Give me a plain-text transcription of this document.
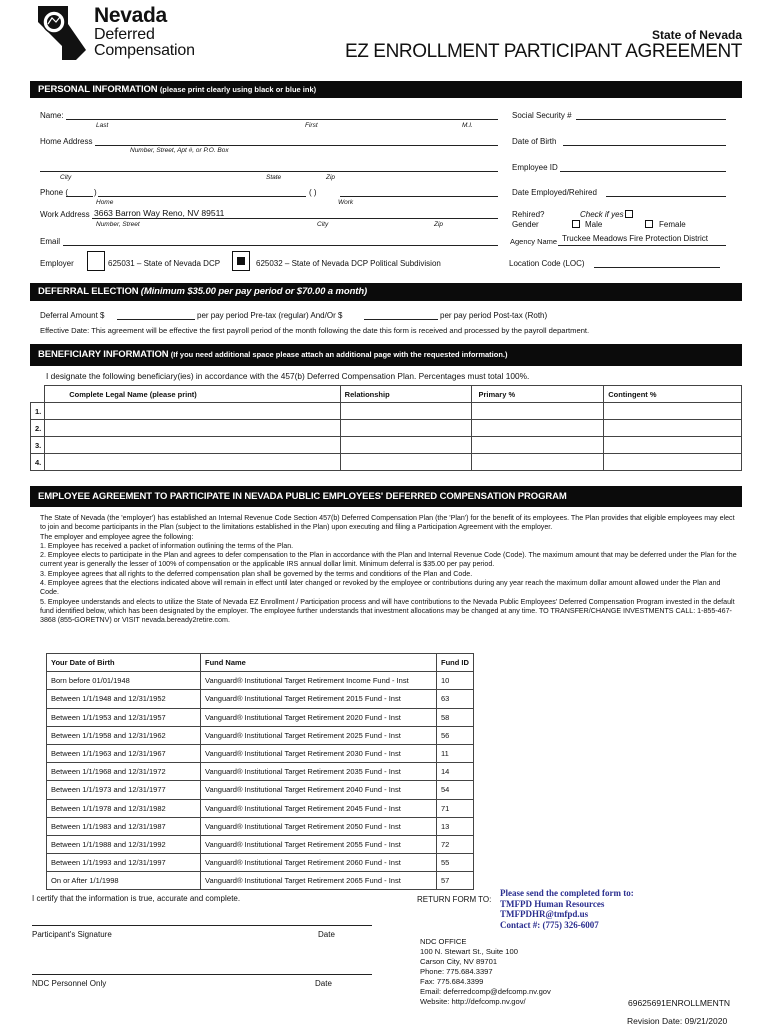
Nevada
Deferred
Compensation
State of Nevada
EZ ENROLLMENT PARTICIPANT AGREEMENT
PERSONAL INFORMATION (please print clearly using black or blue ink)
Name:
Last	First	M.I.
Social Security #
Home Address
Number, Street, Apt #, or P.O. Box
Date of Birth
City	State	Zip
Employee ID
Phone (	)	( )
Home	Work
Date Employed/Rehired
Work Address 3663 Barron Way Reno, NV 89511
Number, Street	City	Zip
Rehired?	Check if yes
Gender	Male	Female
Email	Agency Name Truckee Meadows Fire Protection District
Employer	625031 – State of Nevada DCP	625032 – State of Nevada DCP Political Subdivision	Location Code (LOC)
DEFERRAL ELECTION (Minimum $35.00 per pay period or $70.00 a month)
Deferral Amount $	per pay period Pre-tax (regular) And/Or $	per pay period Post-tax (Roth)
Effective Date: This agreement will be effective the first payroll period of the month following the date this form is received and processed by the payroll department.
BENEFICIARY INFORMATION (If you need additional space please attach an additional page with the requested information.)
I designate the following beneficiary(ies) in accordance with the 457(b) Deferred Compensation Plan. Percentages must total 100%.
	Complete Legal Name (please print)	Relationship	Primary %	Contingent %
1.				
2.				
3.				
4.				
EMPLOYEE AGREEMENT TO PARTICIPATE IN NEVADA PUBLIC EMPLOYEES' DEFERRED COMPENSATION PROGRAM

The State of Nevada (the 'employer') has established an Internal Revenue Code Section 457(b) Deferred Compensation Plan (the 'Plan') for the benefit of its employees. The Plan provides that eligible employees may elect to join and become participants in the Plan (subject to the limitations established in the Plan) upon executing and filing a Participation Agreement with the employer.

The employer and employee agree the following:

1. Employee has received a packet of information outlining the terms of the Plan.

2. Employee elects to participate in the Plan and agrees to defer compensation to the Plan in accordance with the Plan and Internal Revenue Code (Code). The maximum amount that may be deferred under the Plan for the current year is generally the lesser of 100% of compensation or the applicable IRS annual dollar limit. Minimum deferral is $35.00 per pay period.

3. Employee agrees that all rights to the deferred compensation plan shall be governed by the terms and conditions of the Plan and Code.

4. Employee agrees that the elections indicated above will remain in effect until later changed or revoked by the employee or contributions during any year reach the maximum dollar amount allowed under the Plan and Code.

5. Employee understands and elects to utilize the State of Nevada EZ Enrollment / Participation process and will have contributions to the Nevada Public Employees' Deferred Compensation Program invested in the default fund identified below, which has been designated by the employer. The employee further understands that investment allocations may be changed at any time. TO TRANSFER/CHANGE INVESTMENTS CALL: 1-855-467-3868 (855-GORETNV) or VISIT nevada.beready2retire.com.

Your Date of Birth	Fund Name	Fund ID
Born before 01/01/1948	Vanguard® Institutional Target Retirement Income Fund - Inst	10
Between 1/1/1948 and 12/31/1952	Vanguard® Institutional Target Retirement 2015 Fund - Inst	63
Between 1/1/1953 and 12/31/1957	Vanguard® Institutional Target Retirement 2020 Fund - Inst	58
Between 1/1/1958 and 12/31/1962	Vanguard® Institutional Target Retirement 2025 Fund - Inst	56
Between 1/1/1963 and 12/31/1967	Vanguard® Institutional Target Retirement 2030 Fund - Inst	11
Between 1/1/1968 and 12/31/1972	Vanguard® Institutional Target Retirement 2035 Fund - Inst	14
Between 1/1/1973 and 12/31/1977	Vanguard® Institutional Target Retirement 2040 Fund - Inst	54
Between 1/1/1978 and 12/31/1982	Vanguard® Institutional Target Retirement 2045 Fund - Inst	71
Between 1/1/1983 and 12/31/1987	Vanguard® Institutional Target Retirement 2050 Fund - Inst	13
Between 1/1/1988 and 12/31/1992	Vanguard® Institutional Target Retirement 2055 Fund - Inst	72
Between 1/1/1993 and 12/31/1997	Vanguard® Institutional Target Retirement 2060 Fund - Inst	55
On or After 1/1/1998	Vanguard® Institutional Target Retirement 2065 Fund - Inst	57
I certify that the information is true, accurate and complete.
Participant's Signature	Date
NDC Personnel Only	Date
RETURN FORM TO:
Please send the completed form to:
TMFPD Human Resources
TMFPDHR@tmfpd.us
Contact #: (775) 326-6007
NDC OFFICE
100 N. Stewart St., Suite 100
Carson City, NV 89701
Phone: 775.684.3397
Fax: 775.684.3399
Email: deferredcomp@defcomp.nv.gov
Website: http://defcomp.nv.gov/	69625691ENROLLMENTN
Revision Date: 09/21/2020
